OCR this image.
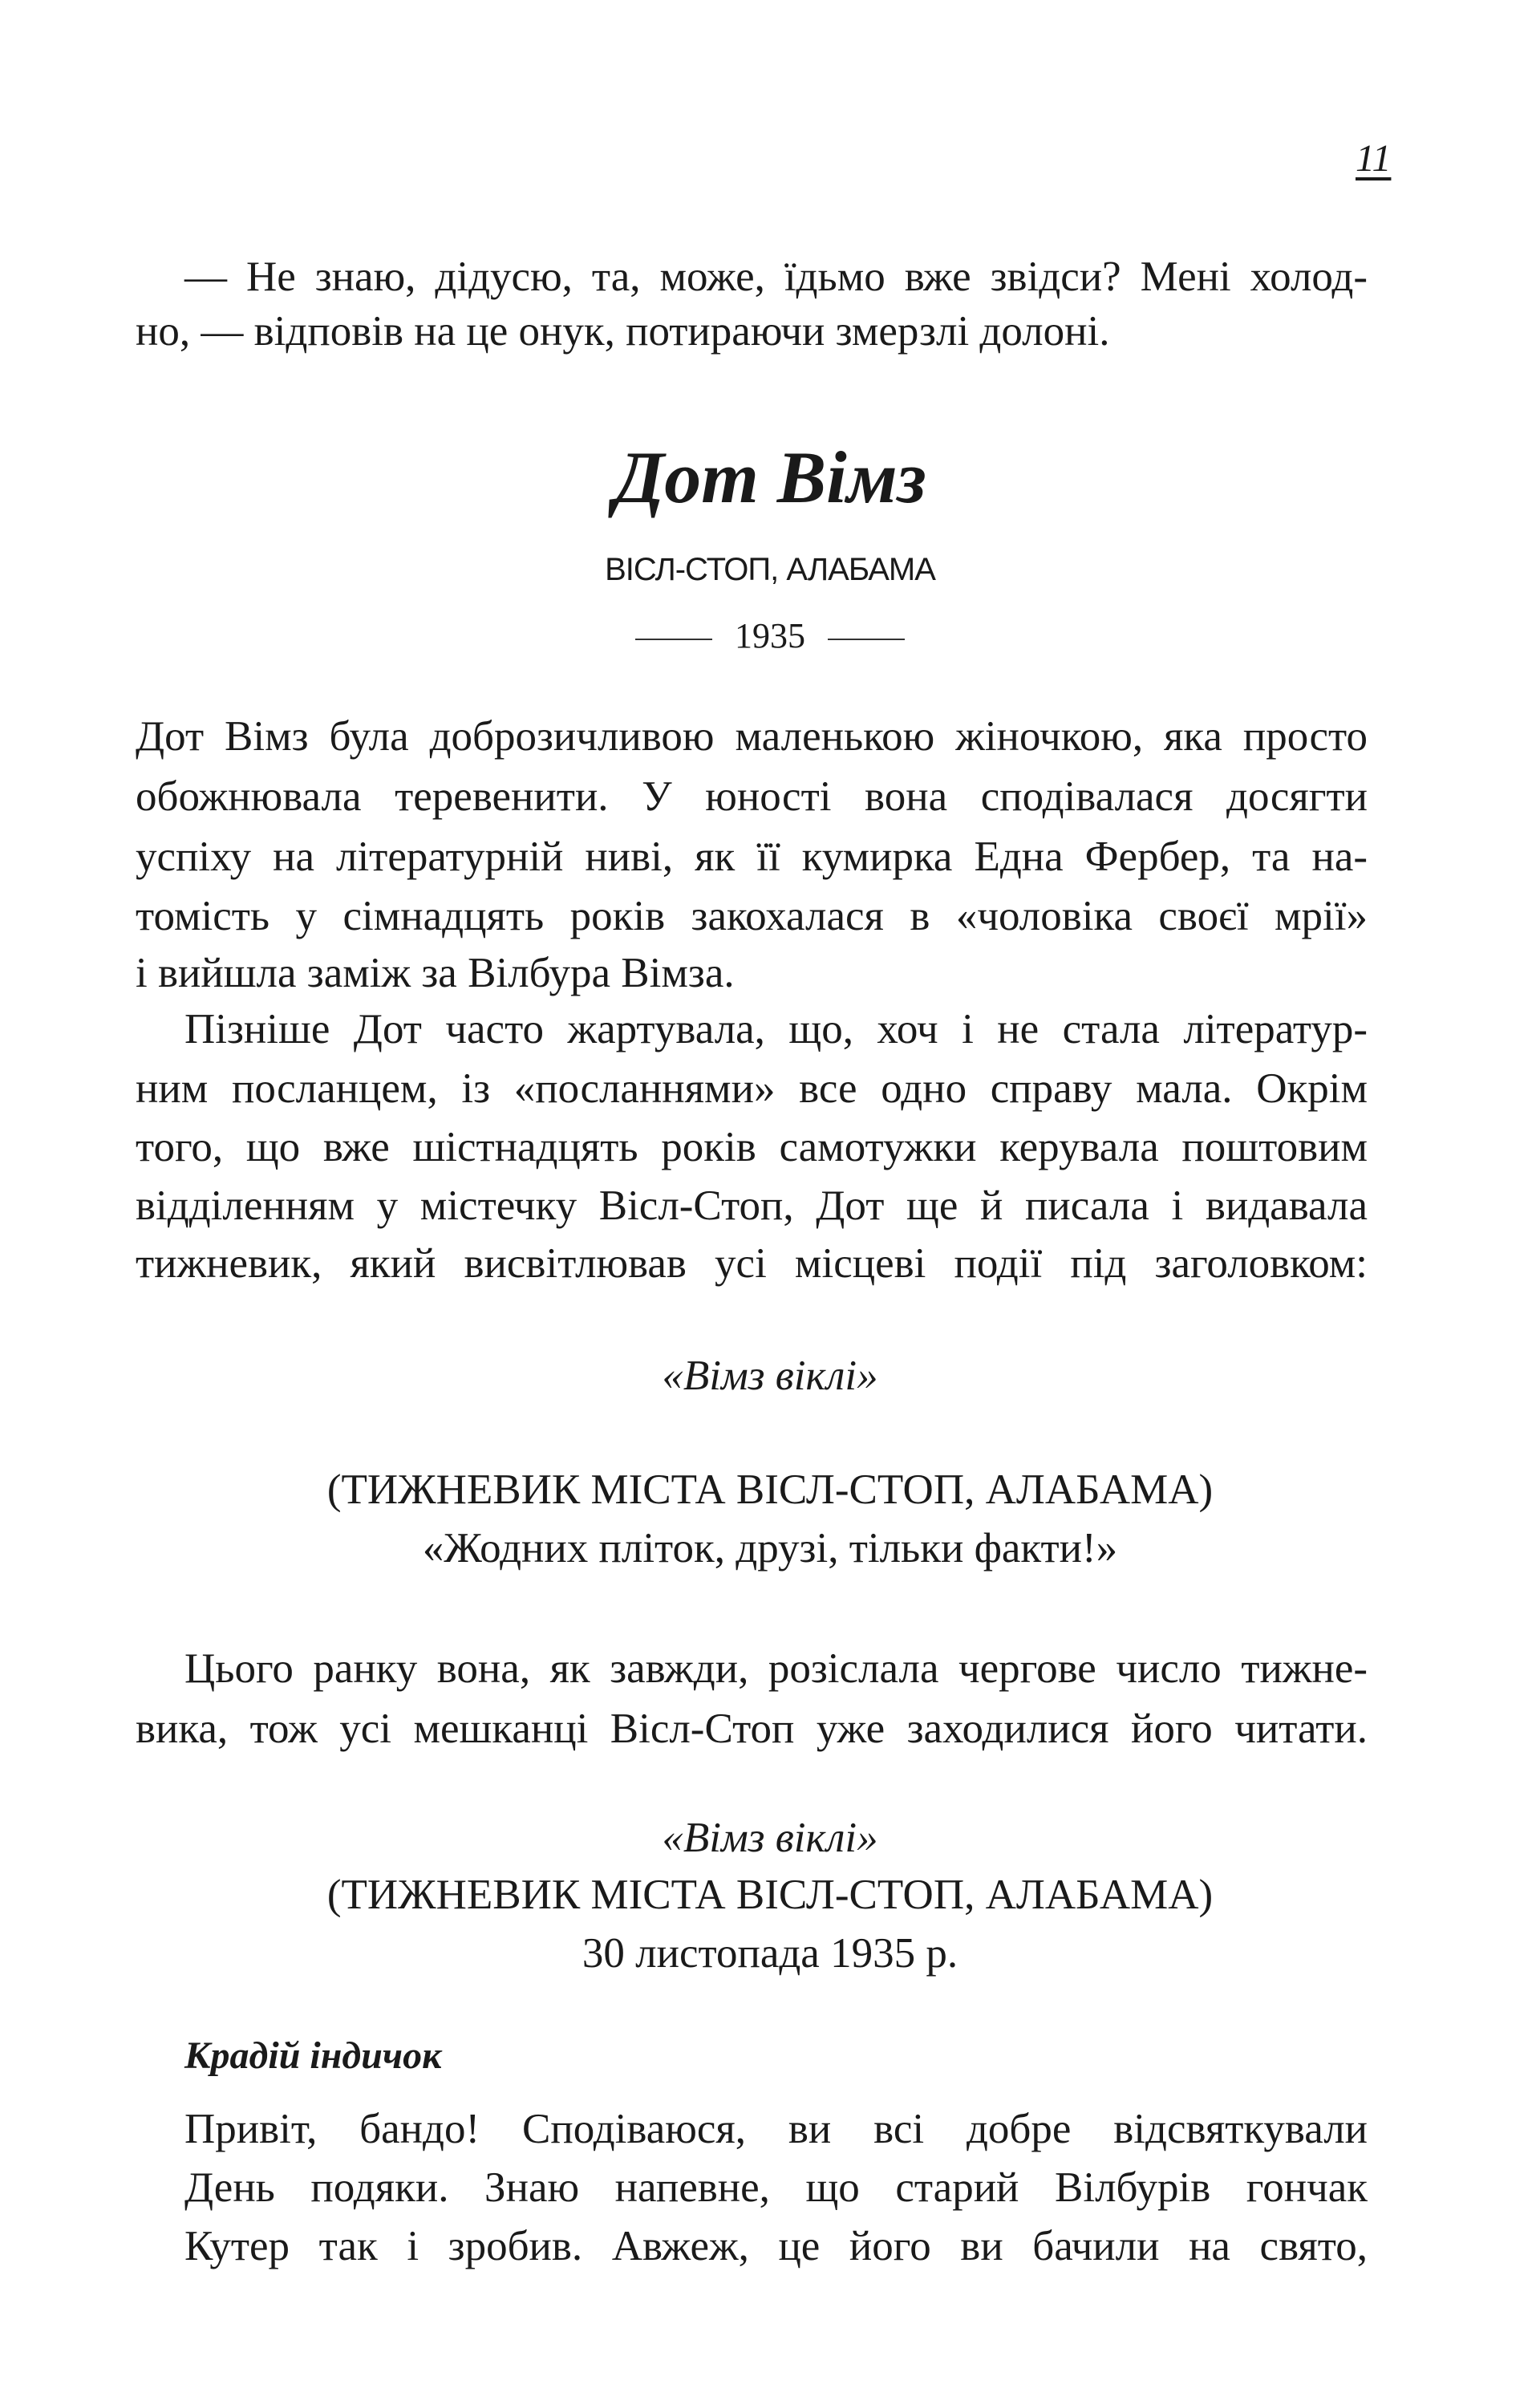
11
— Не знаю, дідусю, та, може, їдьмо вже звідси? Мені холод-
но, — відповів на це онук, потираючи змерзлі долоні.
Дот Вімз
ВІСЛ-СТОП, АЛАБАМА
1935
Дот Вімз була доброзичливою маленькою жіночкою, яка просто
обожнювала теревенити. У юності вона сподівалася досягти
успіху на літературній ниві, як її кумирка Една Фербер, та на-
томість у сімнадцять років закохалася в «чоловіка своєї мрії»
і вийшла заміж за Вілбура Вімза.
Пізніше Дот часто жартувала, що, хоч і не стала літератур-
ним посланцем, із «посланнями» все одно справу мала. Окрім
того, що вже шістнадцять років самотужки керувала поштовим
відділенням у містечку Вісл-Стоп, Дот ще й писала і видавала
тижневик, який висвітлював усі місцеві події під заголовком:
«Вімз віклі»
(ТИЖНЕВИК МІСТА ВІСЛ-СТОП, АЛАБАМА)
«Жодних пліток, друзі, тільки факти!»
Цього ранку вона, як завжди, розіслала чергове число тижне-
вика, тож усі мешканці Вісл-Стоп уже заходилися його читати.
«Вімз віклі»
(ТИЖНЕВИК МІСТА ВІСЛ-СТОП, АЛАБАМА)
30 листопада 1935 р.
Крадій індичок
Привіт, бандо! Сподіваюся, ви всі добре відсвяткували
День подяки. Знаю напевне, що старий Вілбурів гончак
Кутер так і зробив. Авжеж, це його ви бачили на свято,
